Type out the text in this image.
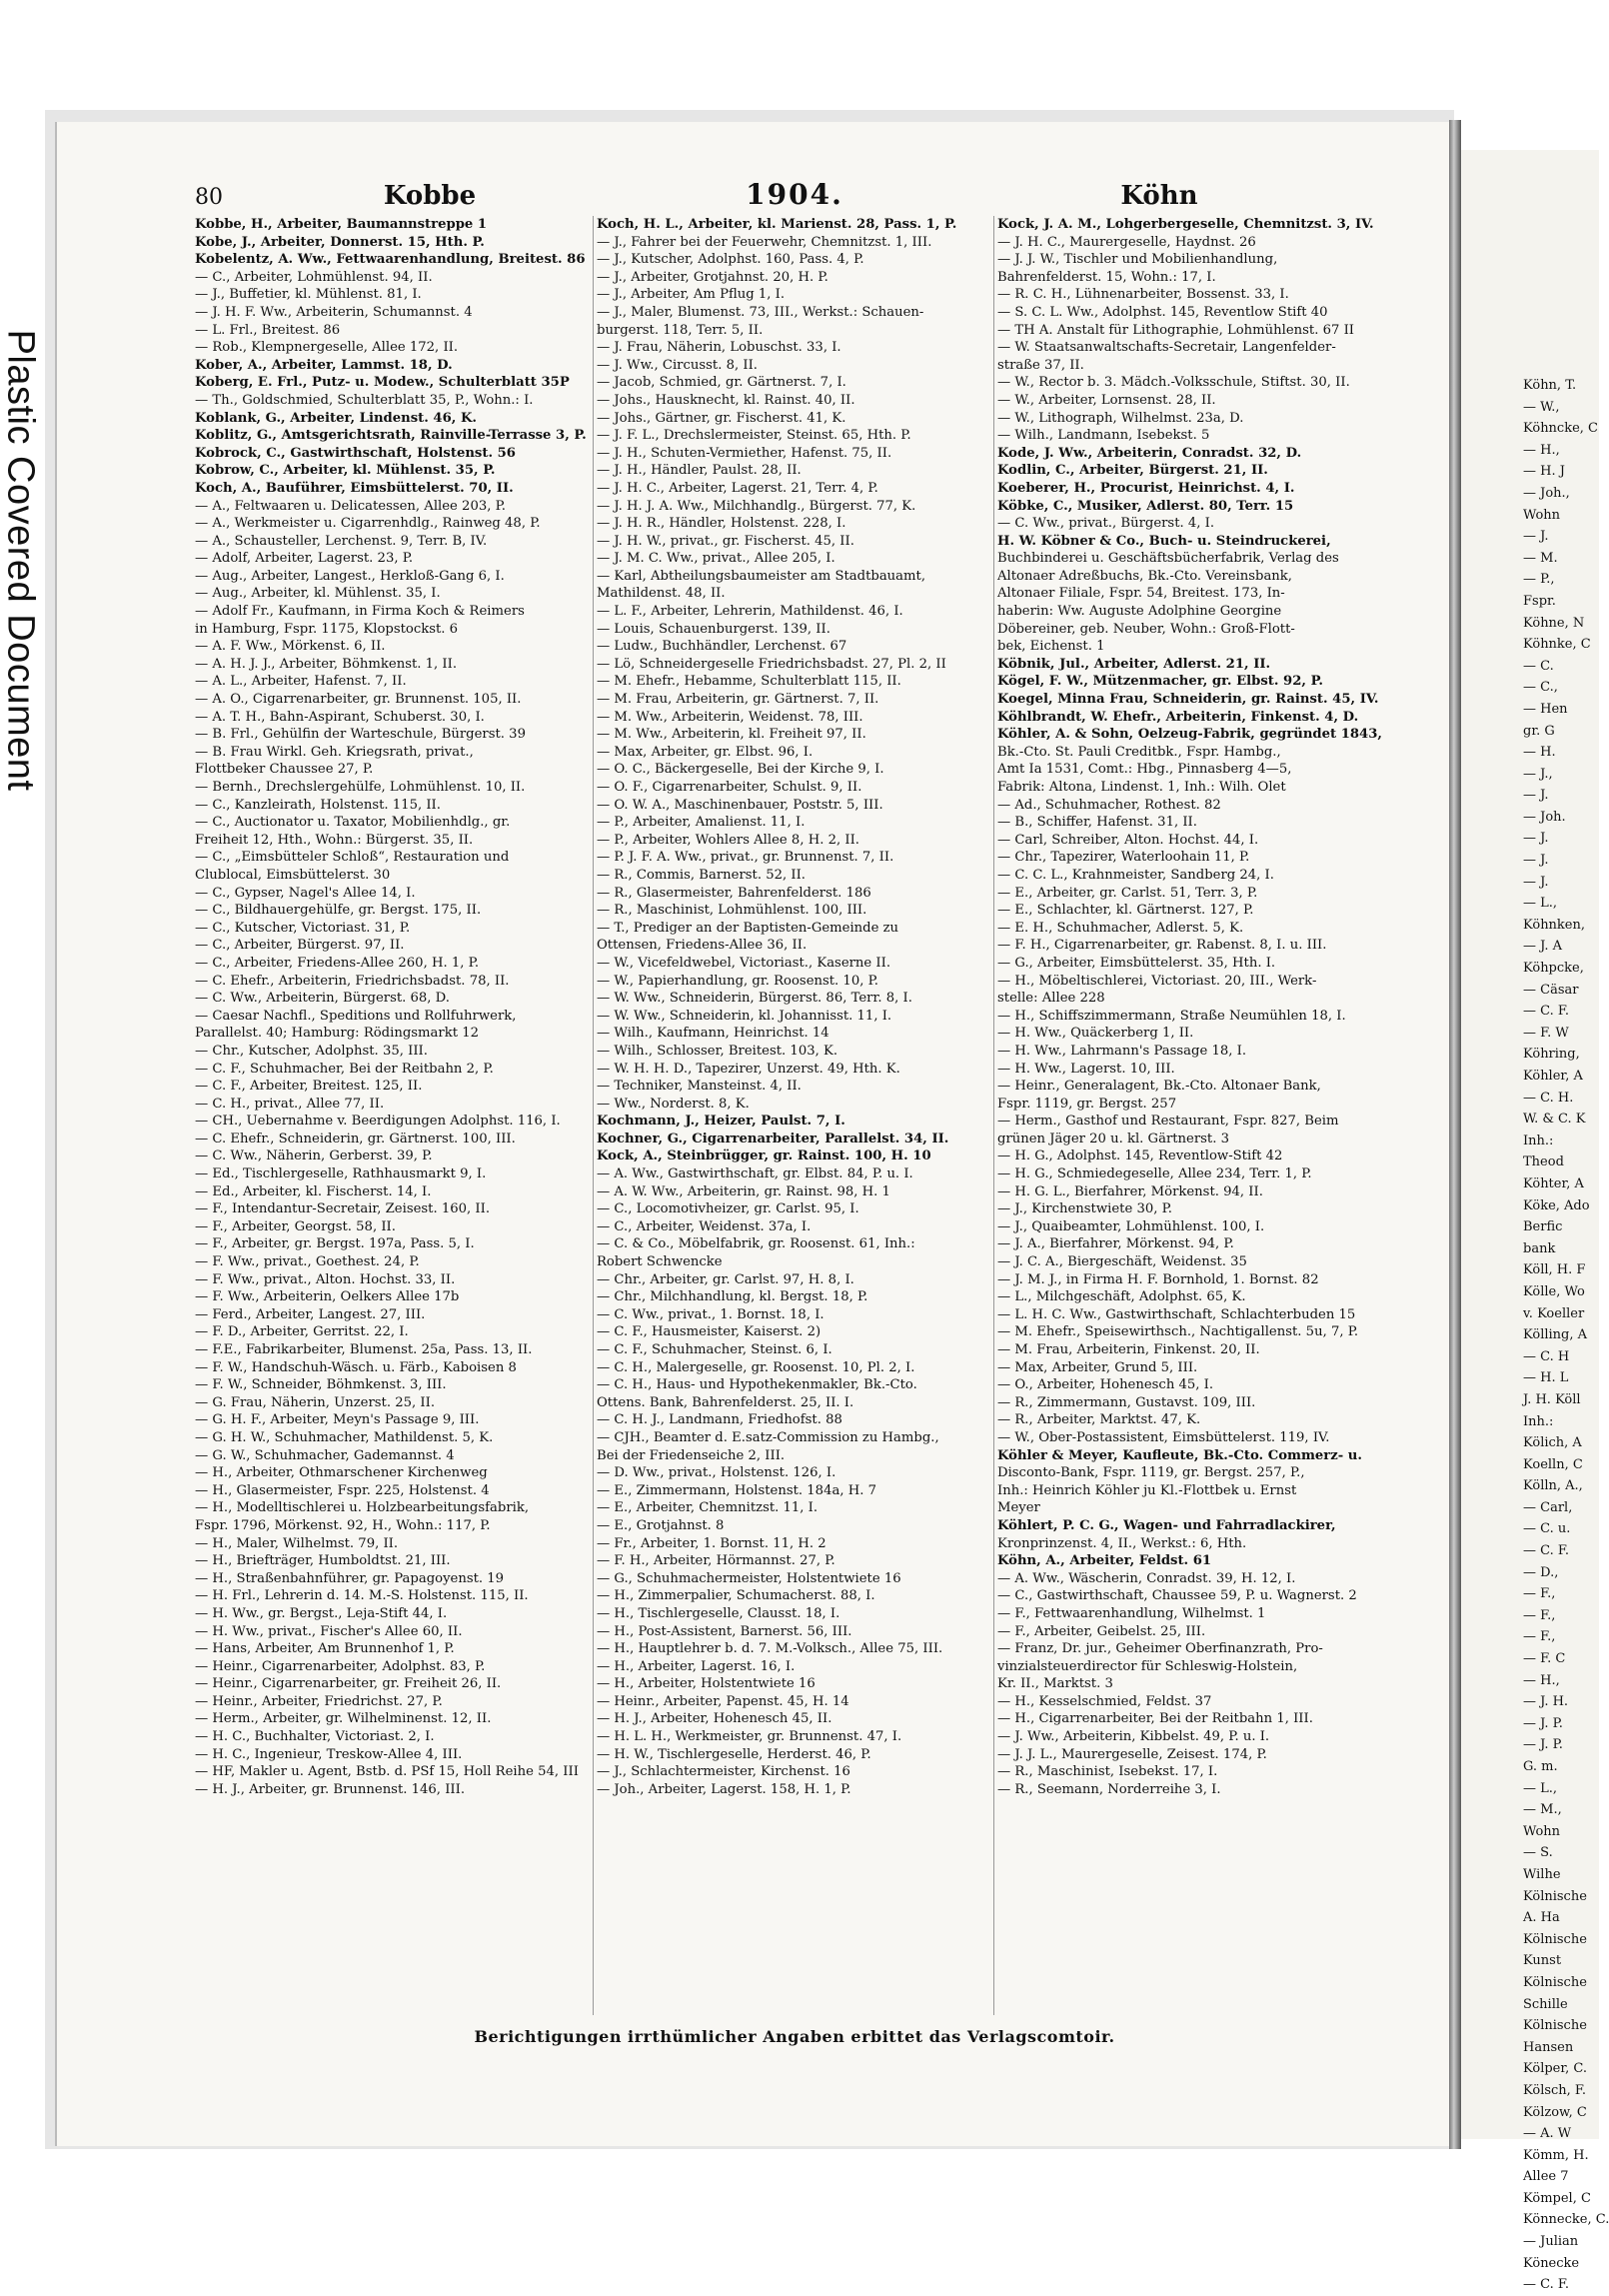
Plastic Covered Document	Köhn, T.
— W.,
Köhncke, C
— H.,
— H. J
— Joh.,
Wohn
— J.
— M.
— P.,
Fspr.
Köhne, N
Köhnke, C
— C.
— C.,
— Hen
gr. G
— H.
— J.,
— J.
— Joh.
— J.
— J.
— J.
— L.,
Köhnken,
— J. A
Köhpcke,
— Cäsar
— C. F.
— F. W
Köhring,
Köhler, A
— C. H.
W. & C. K
Inh.:
Theod
Köhter, A
Köke, Ado
Berfic
bank
Köll, H. F
Kölle, Wo
v. Koeller
Kölling, A
— C. H
— H. L
J. H. Köll
Inh.:
Kölich, A
Koelln, C
Kölln, A.,
— Carl,
— C. u.
— C. F.
— D.,
— F.,
— F.,
— F.,
— F. C
— H.,
— J. H.
— J. P.
— J. P.
G. m.
— L.,
— M.,
Wohn
— S.
Wilhe
Kölnische
A. Ha
Kölnische
Kunst
Kölnische
Schille
Kölnische
Hansen
Kölper, C.
Kölsch, F.
Kölzow, C
— A. W
Kömm, H.
Allee 7
Kömpel, C
Könnecke, C.
— Julian
Könecke
— C. F.
80	Kobbe	1904.	Köhn
Kobbe, H., Arbeiter, Baumannstreppe 1
Kobe, J., Arbeiter, Donnerst. 15, Hth. P.
Kobelentz, A. Ww., Fettwaarenhandlung, Breitest. 86
— C., Arbeiter, Lohmühlenst. 94, II.
— J., Buffetier, kl. Mühlenst. 81, I.
— J. H. F. Ww., Arbeiterin, Schumannst. 4
— L. Frl., Breitest. 86
— Rob., Klempnergeselle, Allee 172, II.
Kober, A., Arbeiter, Lammst. 18, D.
Koberg, E. Frl., Putz- u. Modew., Schulterblatt 35P
— Th., Goldschmied, Schulterblatt 35, P., Wohn.: I.
Koblank, G., Arbeiter, Lindenst. 46, K.
Koblitz, G., Amtsgerichtsrath, Rainville-Terrasse 3, P.
Kobrock, C., Gastwirthschaft, Holstenst. 56
Kobrow, C., Arbeiter, kl. Mühlenst. 35, P.
Koch, A., Bauführer, Eimsbüttelerst. 70, II.
— A., Feltwaaren u. Delicatessen, Allee 203, P.
— A., Werkmeister u. Cigarrenhdlg., Rainweg 48, P.
— A., Schausteller, Lerchenst. 9, Terr. B, IV.
— Adolf, Arbeiter, Lagerst. 23, P.
— Aug., Arbeiter, Langest., Herkloß-Gang 6, I.
— Aug., Arbeiter, kl. Mühlenst. 35, I.
— Adolf Fr., Kaufmann, in Firma Koch & Reimers
in Hamburg, Fspr. 1175, Klopstockst. 6
— A. F. Ww., Mörkenst. 6, II.
— A. H. J. J., Arbeiter, Böhmkenst. 1, II.
— A. L., Arbeiter, Hafenst. 7, II.
— A. O., Cigarrenarbeiter, gr. Brunnenst. 105, II.
— A. T. H., Bahn-Aspirant, Schuberst. 30, I.
— B. Frl., Gehülfin der Warteschule, Bürgerst. 39
— B. Frau Wirkl. Geh. Kriegsrath, privat.,
Flottbeker Chaussee 27, P.
— Bernh., Drechslergehülfe, Lohmühlenst. 10, II.
— C., Kanzleirath, Holstenst. 115, II.
— C., Auctionator u. Taxator, Mobilienhdlg., gr.
Freiheit 12, Hth., Wohn.: Bürgerst. 35, II.
— C., „Eimsbütteler Schloß“, Restauration und
Clublocal, Eimsbüttelerst. 30
— C., Gypser, Nagel's Allee 14, I.
— C., Bildhauergehülfe, gr. Bergst. 175, II.
— C., Kutscher, Victoriast. 31, P.
— C., Arbeiter, Bürgerst. 97, II.
— C., Arbeiter, Friedens-Allee 260, H. 1, P.
— C. Ehefr., Arbeiterin, Friedrichsbadst. 78, II.
— C. Ww., Arbeiterin, Bürgerst. 68, D.
— Caesar Nachfl., Speditions und Rollfuhrwerk,
Parallelst. 40; Hamburg: Rödingsmarkt 12
— Chr., Kutscher, Adolphst. 35, III.
— C. F., Schuhmacher, Bei der Reitbahn 2, P.
— C. F., Arbeiter, Breitest. 125, II.
— C. H., privat., Allee 77, II.
— CH., Uebernahme v. Beerdigungen Adolphst. 116, I.
— C. Ehefr., Schneiderin, gr. Gärtnerst. 100, III.
— C. Ww., Näherin, Gerberst. 39, P.
— Ed., Tischlergeselle, Rathhausmarkt 9, I.
— Ed., Arbeiter, kl. Fischerst. 14, I.
— F., Intendantur-Secretair, Zeisest. 160, II.
— F., Arbeiter, Georgst. 58, II.
— F., Arbeiter, gr. Bergst. 197a, Pass. 5, I.
— F. Ww., privat., Goethest. 24, P.
— F. Ww., privat., Alton. Hochst. 33, II.
— F. Ww., Arbeiterin, Oelkers Allee 17b
— Ferd., Arbeiter, Langest. 27, III.
— F. D., Arbeiter, Gerritst. 22, I.
— F.E., Fabrikarbeiter, Blumenst. 25a, Pass. 13, II.
— F. W., Handschuh-Wäsch. u. Färb., Kaboisen 8
— F. W., Schneider, Böhmkenst. 3, III.
— G. Frau, Näherin, Unzerst. 25, II.
— G. H. F., Arbeiter, Meyn's Passage 9, III.
— G. H. W., Schuhmacher, Mathildenst. 5, K.
— G. W., Schuhmacher, Gademannst. 4
— H., Arbeiter, Othmarschener Kirchenweg
— H., Glasermeister, Fspr. 225, Holstenst. 4
— H., Modelltischlerei u. Holzbearbeitungsfabrik,
Fspr. 1796, Mörkenst. 92, H., Wohn.: 117, P.
— H., Maler, Wilhelmst. 79, II.
— H., Briefträger, Humboldtst. 21, III.
— H., Straßenbahnführer, gr. Papagoyenst. 19
— H. Frl., Lehrerin d. 14. M.-S. Holstenst. 115, II.
— H. Ww., gr. Bergst., Leja-Stift 44, I.
— H. Ww., privat., Fischer's Allee 60, II.
— Hans, Arbeiter, Am Brunnenhof 1, P.
— Heinr., Cigarrenarbeiter, Adolphst. 83, P.
— Heinr., Cigarrenarbeiter, gr. Freiheit 26, II.
— Heinr., Arbeiter, Friedrichst. 27, P.
— Herm., Arbeiter, gr. Wilhelminenst. 12, II.
— H. C., Buchhalter, Victoriast. 2, I.
— H. C., Ingenieur, Treskow-Allee 4, III.
— HF, Makler u. Agent, Bstb. d. PSf 15, Holl Reihe 54, III
— H. J., Arbeiter, gr. Brunnenst. 146, III.
Koch, H. L., Arbeiter, kl. Marienst. 28, Pass. 1, P.
— J., Fahrer bei der Feuerwehr, Chemnitzst. 1, III.
— J., Kutscher, Adolphst. 160, Pass. 4, P.
— J., Arbeiter, Grotjahnst. 20, H. P.
— J., Arbeiter, Am Pflug 1, I.
— J., Maler, Blumenst. 73, III., Werkst.: Schauen-
burgerst. 118, Terr. 5, II.
— J. Frau, Näherin, Lobuschst. 33, I.
— J. Ww., Circusst. 8, II.
— Jacob, Schmied, gr. Gärtnerst. 7, I.
— Johs., Hausknecht, kl. Rainst. 40, II.
— Johs., Gärtner, gr. Fischerst. 41, K.
— J. F. L., Drechslermeister, Steinst. 65, Hth. P.
— J. H., Schuten-Vermiether, Hafenst. 75, II.
— J. H., Händler, Paulst. 28, II.
— J. H. C., Arbeiter, Lagerst. 21, Terr. 4, P.
— J. H. J. A. Ww., Milchhandlg., Bürgerst. 77, K.
— J. H. R., Händler, Holstenst. 228, I.
— J. H. W., privat., gr. Fischerst. 45, II.
— J. M. C. Ww., privat., Allee 205, I.
— Karl, Abtheilungsbaumeister am Stadtbauamt,
Mathildenst. 48, II.
— L. F., Arbeiter, Lehrerin, Mathildenst. 46, I.
— Louis, Schauenburgerst. 139, II.
— Ludw., Buchhändler, Lerchenst. 67
— Lö, Schneidergeselle Friedrichsbadst. 27, Pl. 2, II
— M. Ehefr., Hebamme, Schulterblatt 115, II.
— M. Frau, Arbeiterin, gr. Gärtnerst. 7, II.
— M. Ww., Arbeiterin, Weidenst. 78, III.
— M. Ww., Arbeiterin, kl. Freiheit 97, II.
— Max, Arbeiter, gr. Elbst. 96, I.
— O. C., Bäckergeselle, Bei der Kirche 9, I.
— O. F., Cigarrenarbeiter, Schulst. 9, II.
— O. W. A., Maschinenbauer, Poststr. 5, III.
— P., Arbeiter, Amalienst. 11, I.
— P., Arbeiter, Wohlers Allee 8, H. 2, II.
— P. J. F. A. Ww., privat., gr. Brunnenst. 7, II.
— R., Commis, Barnerst. 52, II.
— R., Glasermeister, Bahrenfelderst. 186
— R., Maschinist, Lohmühlenst. 100, III.
— T., Prediger an der Baptisten-Gemeinde zu
Ottensen, Friedens-Allee 36, II.
— W., Vicefeldwebel, Victoriast., Kaserne II.
— W., Papierhandlung, gr. Roosenst. 10, P.
— W. Ww., Schneiderin, Bürgerst. 86, Terr. 8, I.
— W. Ww., Schneiderin, kl. Johannisst. 11, I.
— Wilh., Kaufmann, Heinrichst. 14
— Wilh., Schlosser, Breitest. 103, K.
— W. H. H. D., Tapezirer, Unzerst. 49, Hth. K.
— Techniker, Mansteinst. 4, II.
— Ww., Norderst. 8, K.
Kochmann, J., Heizer, Paulst. 7, I.
Kochner, G., Cigarrenarbeiter, Parallelst. 34, II.
Kock, A., Steinbrügger, gr. Rainst. 100, H. 10
— A. Ww., Gastwirthschaft, gr. Elbst. 84, P. u. I.
— A. W. Ww., Arbeiterin, gr. Rainst. 98, H. 1
— C., Locomotivheizer, gr. Carlst. 95, I.
— C., Arbeiter, Weidenst. 37a, I.
— C. & Co., Möbelfabrik, gr. Roosenst. 61, Inh.:
Robert Schwencke
— Chr., Arbeiter, gr. Carlst. 97, H. 8, I.
— Chr., Milchhandlung, kl. Bergst. 18, P.
— C. Ww., privat., 1. Bornst. 18, I.
— C. F., Hausmeister, Kaiserst. 2)
— C. F., Schuhmacher, Steinst. 6, I.
— C. H., Malergeselle, gr. Roosenst. 10, Pl. 2, I.
— C. H., Haus- und Hypothekenmakler, Bk.-Cto.
Ottens. Bank, Bahrenfelderst. 25, II. I.
— C. H. J., Landmann, Friedhofst. 88
— CJH., Beamter d. E.satz-Commission zu Hambg.,
Bei der Friedenseiche 2, III.
— D. Ww., privat., Holstenst. 126, I.
— E., Zimmermann, Holstenst. 184a, H. 7
— E., Arbeiter, Chemnitzst. 11, I.
— E., Grotjahnst. 8
— Fr., Arbeiter, 1. Bornst. 11, H. 2
— F. H., Arbeiter, Hörmannst. 27, P.
— G., Schuhmachermeister, Holstentwiete 16
— H., Zimmerpalier, Schumacherst. 88, I.
— H., Tischlergeselle, Clausst. 18, I.
— H., Post-Assistent, Barnerst. 56, III.
— H., Hauptlehrer b. d. 7. M.-Volksch., Allee 75, III.
— H., Arbeiter, Lagerst. 16, I.
— H., Arbeiter, Holstentwiete 16
— Heinr., Arbeiter, Papenst. 45, H. 14
— H. J., Arbeiter, Hohenesch 45, II.
— H. L. H., Werkmeister, gr. Brunnenst. 47, I.
— H. W., Tischlergeselle, Herderst. 46, P.
— J., Schlachtermeister, Kirchenst. 16
— Joh., Arbeiter, Lagerst. 158, H. 1, P.
Kock, J. A. M., Lohgerbergeselle, Chemnitzst. 3, IV.
— J. H. C., Maurergeselle, Haydnst. 26
— J. J. W., Tischler und Mobilienhandlung,
Bahrenfelderst. 15, Wohn.: 17, I.
— R. C. H., Lühnenarbeiter, Bossenst. 33, I.
— S. C. L. Ww., Adolphst. 145, Reventlow Stift 40
— TH A. Anstalt für Lithographie, Lohmühlenst. 67 II
— W. Staatsanwaltschafts-Secretair, Langenfelder-
straße 37, II.
— W., Rector b. 3. Mädch.-Volksschule, Stiftst. 30, II.
— W., Arbeiter, Lornsenst. 28, II.
— W., Lithograph, Wilhelmst. 23a, D.
— Wilh., Landmann, Isebekst. 5
Kode, J. Ww., Arbeiterin, Conradst. 32, D.
Kodlin, C., Arbeiter, Bürgerst. 21, II.
Koeberer, H., Procurist, Heinrichst. 4, I.
Köbke, C., Musiker, Adlerst. 80, Terr. 15
— C. Ww., privat., Bürgerst. 4, I.
H. W. Köbner & Co., Buch- u. Steindruckerei,
Buchbinderei u. Geschäftsbücherfabrik, Verlag des
Altonaer Adreßbuchs, Bk.-Cto. Vereinsbank,
Altonaer Filiale, Fspr. 54, Breitest. 173, In-
haberin: Ww. Auguste Adolphine Georgine
Döbereiner, geb. Neuber, Wohn.: Groß-Flott-
bek, Eichenst. 1
Köbnik, Jul., Arbeiter, Adlerst. 21, II.
Kögel, F. W., Mützenmacher, gr. Elbst. 92, P.
Koegel, Minna Frau, Schneiderin, gr. Rainst. 45, IV.
Köhlbrandt, W. Ehefr., Arbeiterin, Finkenst. 4, D.
Köhler, A. & Sohn, Oelzeug-Fabrik, gegründet 1843,
Bk.-Cto. St. Pauli Creditbk., Fspr. Hambg.,
Amt Ia 1531, Comt.: Hbg., Pinnasberg 4—5,
Fabrik: Altona, Lindenst. 1, Inh.: Wilh. Olet
— Ad., Schuhmacher, Rothest. 82
— B., Schiffer, Hafenst. 31, II.
— Carl, Schreiber, Alton. Hochst. 44, I.
— Chr., Tapezirer, Waterloohain 11, P.
— C. C. L., Krahnmeister, Sandberg 24, I.
— E., Arbeiter, gr. Carlst. 51, Terr. 3, P.
— E., Schlachter, kl. Gärtnerst. 127, P.
— E. H., Schuhmacher, Adlerst. 5, K.
— F. H., Cigarrenarbeiter, gr. Rabenst. 8, I. u. III.
— G., Arbeiter, Eimsbüttelerst. 35, Hth. I.
— H., Möbeltischlerei, Victoriast. 20, III., Werk-
stelle: Allee 228
— H., Schiffszimmermann, Straße Neumühlen 18, I.
— H. Ww., Quäckerberg 1, II.
— H. Ww., Lahrmann's Passage 18, I.
— H. Ww., Lagerst. 10, III.
— Heinr., Generalagent, Bk.-Cto. Altonaer Bank,
Fspr. 1119, gr. Bergst. 257
— Herm., Gasthof und Restaurant, Fspr. 827, Beim
grünen Jäger 20 u. kl. Gärtnerst. 3
— H. G., Adolphst. 145, Reventlow-Stift 42
— H. G., Schmiedegeselle, Allee 234, Terr. 1, P.
— H. G. L., Bierfahrer, Mörkenst. 94, II.
— J., Kirchenstwiete 30, P.
— J., Quaibeamter, Lohmühlenst. 100, I.
— J. A., Bierfahrer, Mörkenst. 94, P.
— J. C. A., Biergeschäft, Weidenst. 35
— J. M. J., in Firma H. F. Bornhold, 1. Bornst. 82
— L., Milchgeschäft, Adolphst. 65, K.
— L. H. C. Ww., Gastwirthschaft, Schlachterbuden 15
— M. Ehefr., Speisewirthsch., Nachtigallenst. 5u, 7, P.
— M. Frau, Arbeiterin, Finkenst. 20, II.
— Max, Arbeiter, Grund 5, III.
— O., Arbeiter, Hohenesch 45, I.
— R., Zimmermann, Gustavst. 109, III.
— R., Arbeiter, Marktst. 47, K.
— W., Ober-Postassistent, Eimsbüttelerst. 119, IV.
Köhler & Meyer, Kaufleute, Bk.-Cto. Commerz- u.
Disconto-Bank, Fspr. 1119, gr. Bergst. 257, P.,
Inh.: Heinrich Köhler ju Kl.-Flottbek u. Ernst
Meyer
Köhlert, P. C. G., Wagen- und Fahrradlackirer,
Kronprinzenst. 4, II., Werkst.: 6, Hth.
Köhn, A., Arbeiter, Feldst. 61
— A. Ww., Wäscherin, Conradst. 39, H. 12, I.
— C., Gastwirthschaft, Chaussee 59, P. u. Wagnerst. 2
— F., Fettwaarenhandlung, Wilhelmst. 1
— F., Arbeiter, Geibelst. 25, III.
— Franz, Dr. jur., Geheimer Oberfinanzrath, Pro-
vinzialsteuerdirector für Schleswig-Holstein,
Kr. II., Marktst. 3
— H., Kesselschmied, Feldst. 37
— H., Cigarrenarbeiter, Bei der Reitbahn 1, III.
— J. Ww., Arbeiterin, Kibbelst. 49, P. u. I.
— J. J. L., Maurergeselle, Zeisest. 174, P.
— R., Maschinist, Isebekst. 17, I.
— R., Seemann, Norderreihe 3, I.
Berichtigungen irrthümlicher Angaben erbittet das Verlagscomtoir.
